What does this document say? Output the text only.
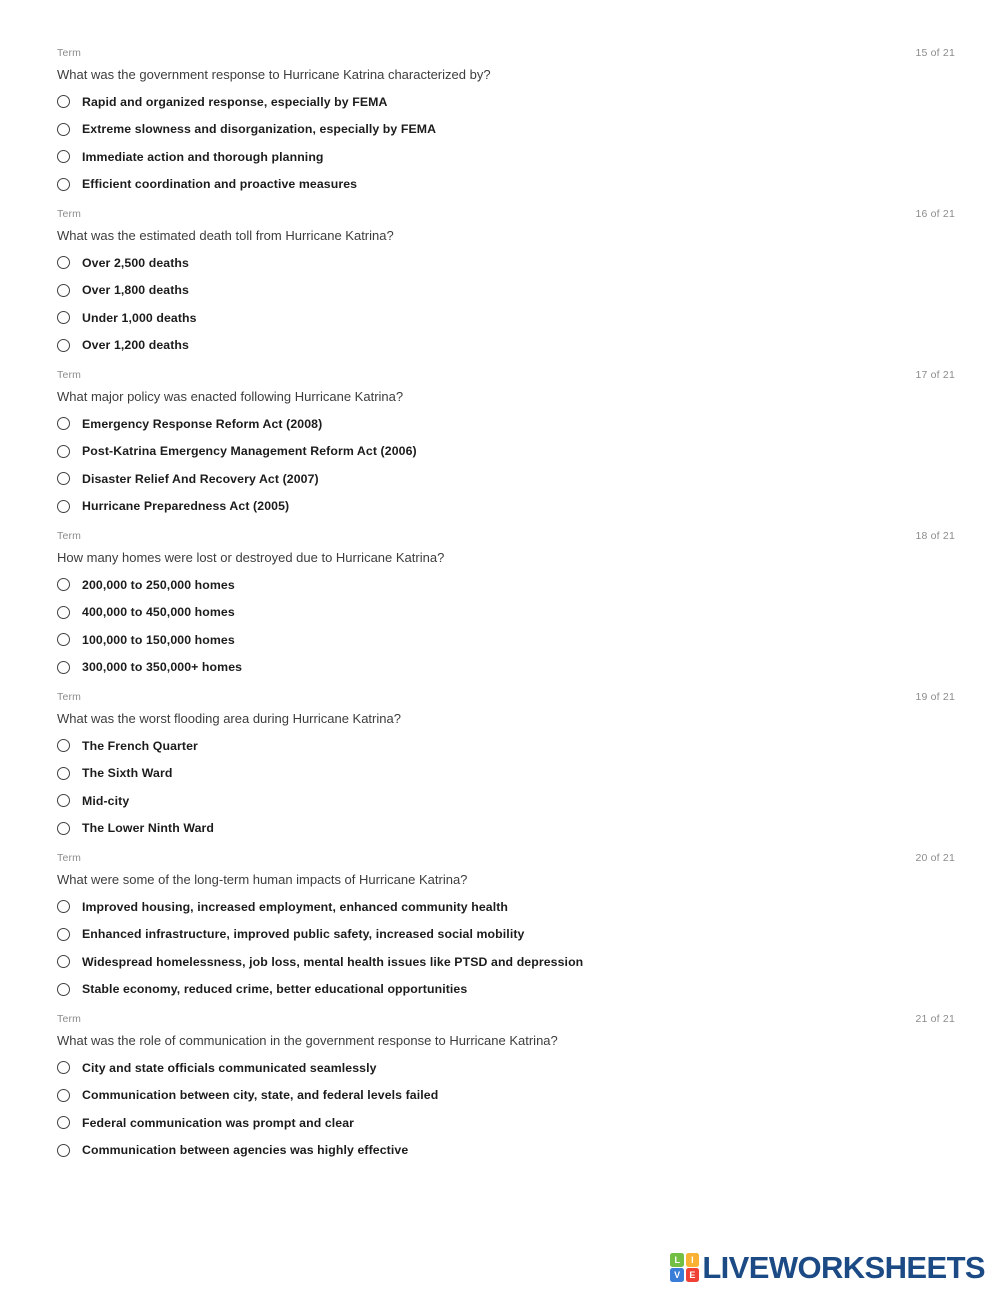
Term	15 of 21
What was the government response to Hurricane Katrina characterized by?
Rapid and organized response, especially by FEMA
Extreme slowness and disorganization, especially by FEMA
Immediate action and thorough planning
Efficient coordination and proactive measures
Term	16 of 21
What was the estimated death toll from Hurricane Katrina?
Over 2,500 deaths
Over 1,800 deaths
Under 1,000 deaths
Over 1,200 deaths
Term	17 of 21
What major policy was enacted following Hurricane Katrina?
Emergency Response Reform Act (2008)
Post-Katrina Emergency Management Reform Act (2006)
Disaster Relief And Recovery Act (2007)
Hurricane Preparedness Act (2005)
Term	18 of 21
How many homes were lost or destroyed due to Hurricane Katrina?
200,000 to 250,000 homes
400,000 to 450,000 homes
100,000 to 150,000 homes
300,000 to 350,000+ homes
Term	19 of 21
What was the worst flooding area during Hurricane Katrina?
The French Quarter
The Sixth Ward
Mid-city
The Lower Ninth Ward
Term	20 of 21
What were some of the long-term human impacts of Hurricane Katrina?
Improved housing, increased employment, enhanced community health
Enhanced infrastructure, improved public safety, increased social mobility
Widespread homelessness, job loss, mental health issues like PTSD and depression
Stable economy, reduced crime, better educational opportunities
Term	21 of 21
What was the role of communication in the government response to Hurricane Katrina?
City and state officials communicated seamlessly
Communication between city, state, and federal levels failed
Federal communication was prompt and clear
Communication between agencies was highly effective
L	I
V	E LIVEWORKSHEETS
